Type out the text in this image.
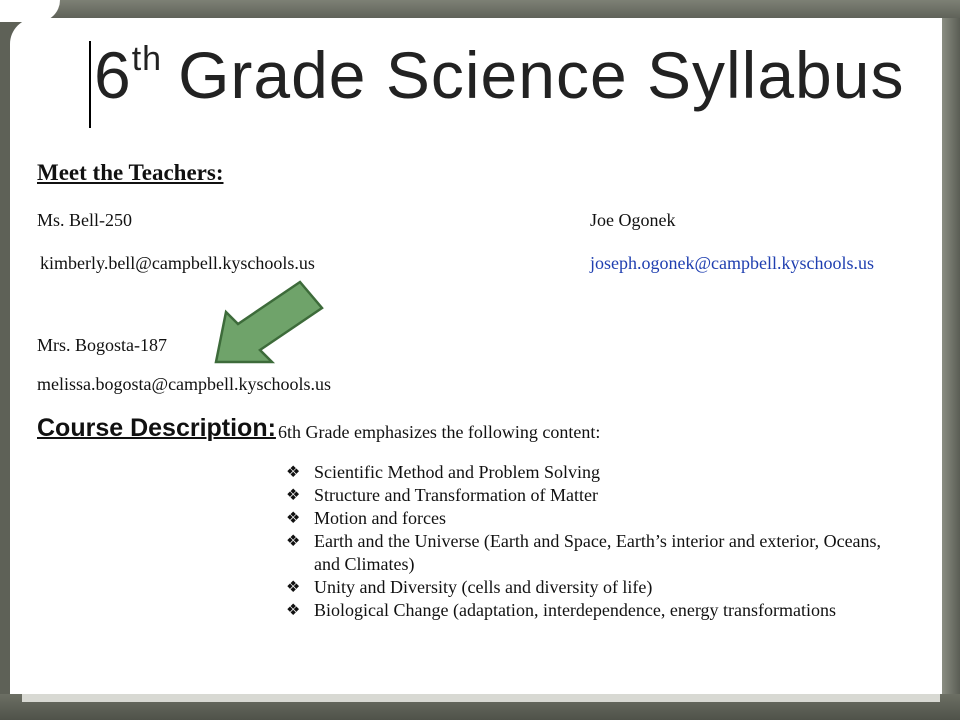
6th Grade Science Syllabus
Meet the Teachers:
Ms. Bell-250
kimberly.bell@campbell.kyschools.us
Joe Ogonek
joseph.ogonek@campbell.kyschools.us
Mrs. Bogosta-187
melissa.bogosta@campbell.kyschools.us
Course Description: 6th Grade emphasizes the following content:
❖ Scientific Method and Problem Solving
❖ Structure and Transformation of Matter
❖ Motion and forces
❖ Earth and the Universe (Earth and Space, Earth’s interior and exterior, Oceans, and Climates)
❖ Unity and Diversity (cells and diversity of life)
❖ Biological Change (adaptation, interdependence, energy transformations
